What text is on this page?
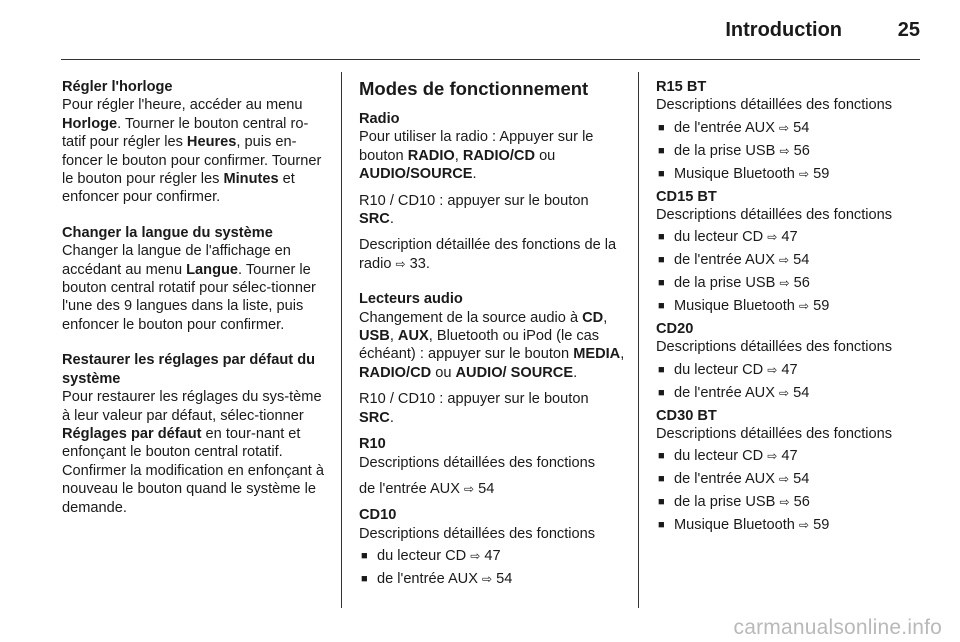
Introduction	25

Régler l'horloge

Pour régler l'heure, accéder au menu Horloge. Tourner le bouton central ro-tatif pour régler les Heures, puis en-foncer le bouton pour confirmer. Tourner le bouton pour régler les Minutes et enfoncer pour confirmer.

Changer la langue du système

Changer la langue de l'affichage en accédant au menu Langue. Tourner le bouton central rotatif pour sélec-tionner l'une des 9 langues dans la liste, puis enfoncer le bouton pour confirmer.

Restaurer les réglages par défaut du système

Pour restaurer les réglages du sys-tème à leur valeur par défaut, sélec-tionner Réglages par défaut en tour-nant et enfonçant le bouton central rotatif. Confirmer la modification en enfonçant à nouveau le bouton quand le système le demande.

Modes de fonctionnement

Radio

Pour utiliser la radio : Appuyer sur le bouton RADIO, RADIO/CD ou AUDIO/SOURCE.

R10 / CD10 : appuyer sur le bouton SRC.

Description détaillée des fonctions de la radio ⇨ 33.

Lecteurs audio

Changement de la source audio à CD, USB, AUX, Bluetooth ou iPod (le cas échéant) : appuyer sur le bouton MEDIA, RADIO/CD ou AUDIO/ SOURCE.

R10 / CD10 : appuyer sur le bouton SRC.

R10

Descriptions détaillées des fonctions

de l'entrée AUX ⇨ 54

CD10

Descriptions détaillées des fonctions

■ du lecteur CD ⇨ 47
■ de l'entrée AUX ⇨ 54

R15 BT

Descriptions détaillées des fonctions

■ de l'entrée AUX ⇨ 54
■ de la prise USB ⇨ 56
■ Musique Bluetooth ⇨ 59

CD15 BT

Descriptions détaillées des fonctions

■ du lecteur CD ⇨ 47
■ de l'entrée AUX ⇨ 54
■ de la prise USB ⇨ 56
■ Musique Bluetooth ⇨ 59

CD20

Descriptions détaillées des fonctions

■ du lecteur CD ⇨ 47
■ de l'entrée AUX ⇨ 54

CD30 BT

Descriptions détaillées des fonctions

■ du lecteur CD ⇨ 47
■ de l'entrée AUX ⇨ 54
■ de la prise USB ⇨ 56
■ Musique Bluetooth ⇨ 59
carmanualsonline.info
